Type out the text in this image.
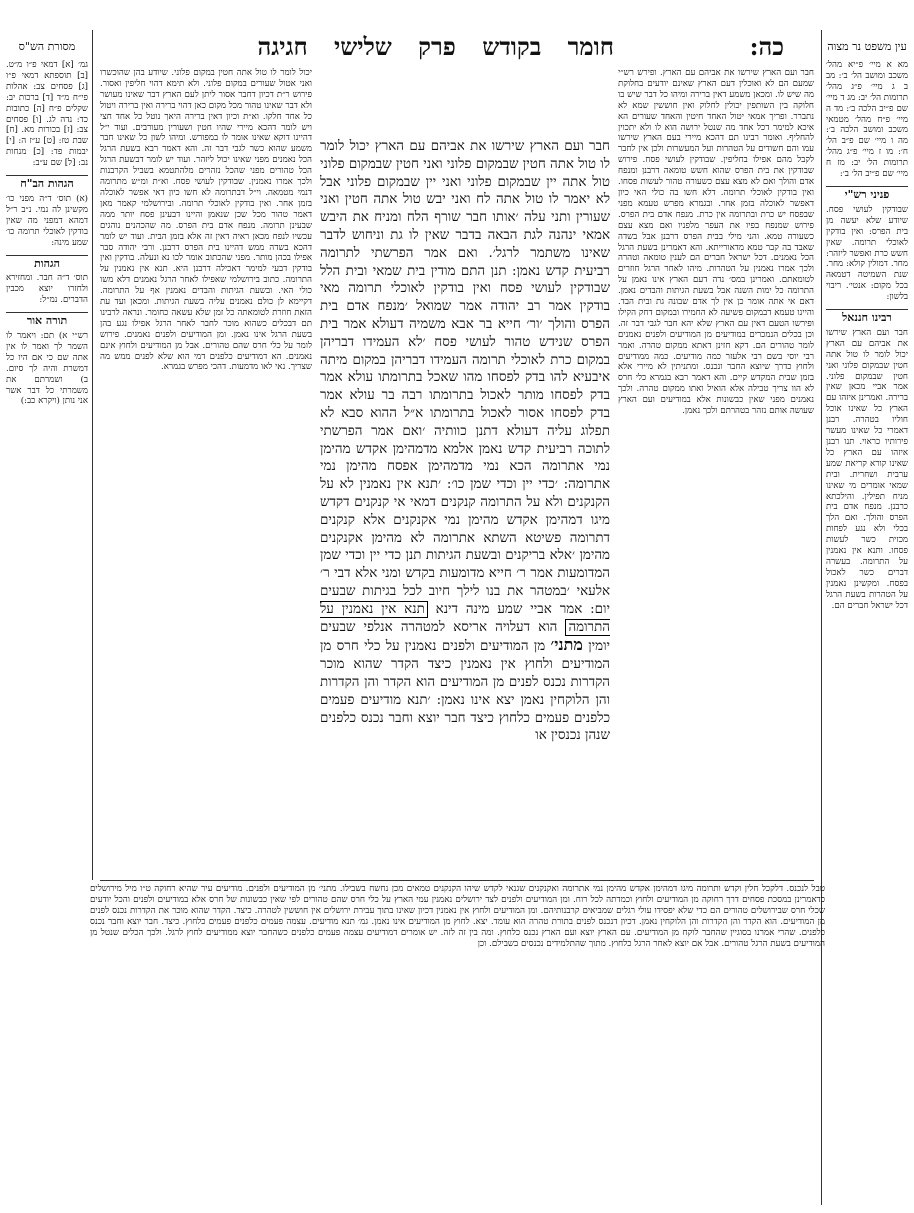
כה:
חומר בקודש פרק שלישי חגיגה	עין משפט נר מצוה
מסורת הש"ס
מא א מיי׳ פ״יא מהל׳ משכב ומושב הל׳ ב׳: מב ב ג מיי׳ פ״ג מהל׳ תרומות הל׳ יב: מג ד מיי׳ שם פ״יב הלכה ב׳: מד ה מיי׳ פ״ח מהל׳ מטמאי משכב ומושב הלכה ב׳: מה ו מיי׳ שם פ״ב הל׳ ח׳: מו ז מיי׳ פ״ג מהל׳ תרומות הל׳ יב: מז ח מיי׳ שם פ״יב הל׳ ב׳:
פניני רש"י
שבודקין לעושי פסח. שיודע שלא יעשה מן בית הפרס: ואין בודקין לאוכלי תרומה. שאין חשש כרת ואפשר ליזהר: מחר. דמולין קולא: מחר. שנת השמיטה דטמאה בכל מקום: אנטי׳. ריבוי בלשון:
רבינו חננאל
חבר ועם הארץ שירשו את אביהם עם הארץ יכול לומר לו טול אתה חטין שבמקום פלוני ואני חטין שבמקום פלוני. אמר אביי מכאן שאין ברירה. ואמרינן איזהו עם הארץ כל שאינו אוכל חוליו בטהרה. רבנן דאמרי כל שאינו מעשר פירותיו כראוי. תנו רבנן איזהו עם הארץ כל שאינו קורא קריאת שמע ערבית ושחרית. ובית שמאי אומרים מי שאינו מניח תפילין. והילכתא כרבנן. מנפח אדם בית הפרס והולך. ואם הלך בכלי ולא נגע לפחות מכזית כשר לעשות פסחו. ותנא אין נאמנין על התרומה. בעשרה דברים כשר לאכול בפסח. ומקשינן נאמנין על הטהרות בשעת הרגל דכל ישראל חברים הם.
גמ׳ [א] דמאי פ״ו מ״ט. [ב] תוספתא דמאי פ״ו [ג] פסחים צב: אהלות פי״ח מ״ד [ד] ברכות יב: שקלים פ״ח [ה] כתובות כד: נדה לג. [ו] פסחים צב: [ז] בכורות מא. [ח] שבת טז: [ט] ע״ז ה: [י] יבמות פד: [כ] מנחות נב: [ל] שם ע״ב:
הגהות הב"ח
(א) תוס׳ ד״ה מפני כו׳ מקשינן לה נמי. נ״ב ר״ל דמהא דמפני מה שאין בודקין לאוכלי תרומה כו׳ שמע מינה:
הגהות
תוס׳ ד״ה חבר. ומחזירא ולחזרו יוצא מכבין הדברים. נמ״ל:
תורה אור
רש״י א) תם: ויאמר לו השמר לך ואמר לו אין אתה שם כי אם היו כל דמשרת והיה לך סיום. ב) ושמרתם את משמרתי כל דבר אשר אני נותן (ויקרא כב:)
חבר ועם הארץ שירשו את אביהם עם הארץ. ופירש רש״י שמעם הם לא ואוכלין דעם הארץ שאינם יודעים בחלוקת מה שיש לו. ומכאן משמע דאין ברירה ומיהו כל דבר שיש בו חלוקה בין השותפין יכולין לחלוק ואין חוששין שמא לא נתברר. ופריך אמאי יטול האחד חיטין והאחד שעורים הא איכא למימר דכל אחד מה שנטל ירושה הוא לו ולא יתכוין להחליף. ואומר רבינו תם דהכא מיירי בעם הארץ שירשו עמו והם חשודים על הטהרות ועל המעשרות ולכן אין לחבר לקבל מהם אפילו בחליפין. שבודקין לעושי פסח. פירוש שבודקין את בית הפרס שהוא חשש טומאה דרבנן ומנפח אדם והולך ואם לא מצא עצם כשעורה טהור לעשות פסחו. ואין בודקין לאוכלי תרומה. דלא חשו בה כולי האי כיון דאפשר לאוכלה בזמן אחר. ובגמרא מפרש טעמא מפני שבפסח יש כרת ובתרומה אין כרת. מנפח אדם בית הפרס. פירוש שמנפח בפיו את העפר מלפניו ואם מצא עצם כשעורה טמא. והני מילי בבית הפרס דרבנן אבל בשדה שאבד בה קבר טמא מדאורייתא. והא דאמרינן בשעת הרגל הכל נאמנים. דכל ישראל חברים הם לענין טומאה וטהרה ולכך אמרו נאמנין על הטהרות. מיהו לאחר הרגל חוזרים לטומאתם. ואמרינן במס׳ נדה דעם הארץ אינו נאמן על התרומה כל ימות השנה אבל בשעת הגיתות והבדים נאמן. דאם אי אתה אומר כן אין לך אדם שבונה גת ובית הבד. והיינו טעמא דבמקום פשיעה לא החמירו ובמקום דחק הקילו ופירשו הטעם דאין עם הארץ שלא יהא חבר לגבי דבר זה. וכן בכלים הנמכרים במודיעים מן המודיעים ולפנים נאמנים לומר טהורים הם. דקא חזינן דאתא ממקום טהרה. ואמר רבי יוסי בשם רבי אלעזר כמה מודיעים. כמה ממודיעים ולחוץ כדרך שיוצא החבר ונכנס. ומתניתין לא מיירי אלא בזמן שבית המקדש קיים. והא דאמר רבא בגמרא כלי חרס לא הוו צריך טבילה אלא הואיל ואתו ממקום טהרה. ולכך נאמנים מפני שאין כבשונות אלא במודיעים ועם הארץ שעושה אותם נזהר בטהרתם ולכך נאמן.
יכול לומר לו טול אתה חטין במקום פלוני. שיודע בהן שהוכשרו ואני אטול שעורים במקום פלוני. ולא תימא דהוי חליפין ואסור. פירוש ר״ת דכיון דחבר אסור ליתן לעם הארץ דבר שאינו מעושר ולא דבר שאינו טהור מכל מקום כאן דהוי ברירה ואין ברירה ויטול כל אחד חלקו. וא״ת וכיון דאין ברירה היאך נוטל כל אחד חצי ויש לומר דהכא מיירי שהיו חטין ושעורין מעורבים. ועוד י״ל דהיינו דוקא שאינו אומר לו במפורש. ומיהו לשון כל שאינו חבר משמע שהוא כשר לגבי דבר זה. והא דאמר רבא בשעת הרגל הכל נאמנים מפני שאינו יכול ליזהר. ועוד יש לומר דבשעת הרגל הכל טהורים מפני שהכל נזהרים מלהתטמא בשביל הקרבנות ולכך אמרו נאמנין. שבודקין לעושי פסח. וא״ת ומ״ש מתרומה דנמי מטמאה. וי״ל דבתרומה לא חשו כיון דאי אפשר לאוכלה בזמן אחר. ואין בודקין לאוכלי תרומה. ובירושלמי קאמר מאן דאמר טהור מכל שכן שנאמן והיינו דבעינן פסח יותר ממה שבעינן תרומה. מנפח אדם בית הפרס. מה שהכהנים נוהגים עכשיו לנפח מכאן ראיה דאין זה אלא בזמן הבית. ועוד יש לומר דהכא בשדה ממש דהיינו בית הפרס דרבנן. ורבי יהודה סבר אפילו בכהן מותר. מפני שהכתוב אומר לכו נא ונעלה. בודקין ואין בודקין דבעי למימר דאכילה דרבנן היא. תנא אין נאמנין על התרומה. כתוב בירושלמי שאפילו לאחר הרגל נאמנים דלא משו כולי האי. ובשעת הגיתות והבדים נאמנין אף על התרומה. דקיימא לן כולם נאמנים עליה בשעת הגיתות. ומכאן ועד עת הזאת חוזרת לטומאתה כל זמן שלא עשאה כחומר. ונראה לרבינו תם דבכלים כשהוא מוכר לחבר לאחר הרגל אפילו נגע בהן בשעת הרגל אינו נאמן. ומן המודיעים ולפנים נאמנים. פירוש לומר על כלי חרס שהם טהורים. אבל מן המודיעים ולחוץ אינם נאמנים. הא דמודיעים כלפנים דמי הוא שלא לפנים ממש מה שצריך. נאי לאו מדמעות. דהכי מפרש בגמרא.
חבר ועם הארץ שירשו את אביהם עם הארץ יכול לומר לו טול אתה חטין שבמקום פלוני ואני חטין שבמקום פלוני טול אתה יין שבמקום פלוני ואני יין שבמקום פלוני אבל לא יאמר לו טול אתה לח ואני יבש טול אתה חטין ואני שעורין ותני עלה ׳אותו חבר שורף הלח ומניח את היבש אמאי ינהנה לגת הבאה בדבר שאין לו גת וניחוש לדבר שאינו משתמר לרגל׳. ואם אמר הפרשתי לתרומה רביעית קדש נאמן: תנן התם מודין בית שמאי ובית הלל שבודקין לעושי פסח ואין בודקין לאוכלי תרומה מאי בודקין אמר רב יהודה אמר שמואל ׳מנפח אדם בית הפרס והולך ׳ור׳ חייא בר אבא משמיה דעולא אמר בית הפרס שנידש טהור לעושי פסח ׳לא העמידו דבריהן במקום כרת לאוכלי תרומה העמידו דבריהן במקום מיתה איבעיא להו בדק לפסחו מהו שאכל בתרומתו עולא אמר בדק לפסחו מותר לאכול בתרומתו רבה בר עולא אמר בדק לפסחו אסור לאכול בתרומתו א״ל ההוא סבא לא תפלוג עליה דעולא דתנן כוותיה ׳ואם אמר הפרשתי לתוכה רביעית קדש נאמן אלמא מדמהימן אקדש מהימן נמי אתרומה הכא נמי מדמהימן אפסח מהימן נמי אתרומה: ׳כדי יין וכדי שמן כו׳: ׳תנא אין נאמנין לא על הקנקנים ולא על התרומה קנקנים דמאי אי קנקנים דקדש מיגו דמהימן אקדש מהימן נמי אקנקנים אלא קנקנים דתרומה פשיטא השתא אתרומה לא מהימן אקנקנים מהימן ׳אלא בריקנים ובשעת הגיתות תנן כדי יין וכדי שמן המדומעות אמר ר׳ חייא מדומעות בקדש ומני אלא דבי ר׳ אלעאי ׳במטהר את בנו לילך חיוב לכל בגיתות שבעים יום: אמר אביי שמע מינה דינא תנא אין נאמנין על התרומה הוא דעלויה אריסא למטהרה אנלפי שבעים יומין מתני׳ מן המודיעים ולפנים נאמנין על כלי חרס מן המודיעים ולחוץ אין נאמנין כיצד הקדר שהוא מוכר הקדרות נכנס לפנים מן המודיעים הוא הקדר והן הקדרות והן הלוקחין נאמן יצא אינו נאמן: ׳תנא מודיעים פעמים כלפנים פעמים כלחוץ כיצד חבר יוצא וחבר נכנס כלפנים שנהן נכנסין או
טבל לנכנס. דלקכל חלין וקדש ותרומה מיגו דמהימן אקדש מהימן נמי אתרומה ואקנקנים שגנאי לקדש שיהו הקנקנים טמאים מכן נחשח בשבילו. מתני׳ מן המודיעים ולפנים. מודיעים עיר שהיא רחוקה ט״ו מיל מירושלים כדאמרינן במסכת פסחים דרך רחוקה מן המודיעים ולחוץ וכמדתה לכל רוח. ומן המודיעים ולפנים לצד ירושלים נאמנין עמי הארץ על כלי חרס שהם טהורים לפי שאין כבשונות של חרס אלא במודיעים ולפנים והכל יודעים שכלי חרס שבירושלים טהורים הם כדי שלא יפסידו עולי רגלים שמביאים קרבנותיהם. ומן המודיעים ולחוץ אין נאמנין דכיון שאינו בתוך עבירת ירושלים אין חוששין לטהרה. כיצד. הקדר שהוא מוכר את הקדרות נכנס לפנים מן המודיעים. הוא הקדר והן הקדרות והן הלוקחין נאמן. דכיון דנכנס לפנים בתורת טהרה הוא עומד. יצא. לחוץ מן המודיעים אינו נאמן. גמ׳ תנא מודיעים. עצמה פעמים כלפנים פעמים כלחוץ. כיצד. חבר יוצא וחבר נכנס כלפנים. שהרי אמרנו בסוגיין שהחבר לוקח מן המודיעים. עם הארץ יוצא ועם הארץ נכנס כלחוץ. ומה בין זה לזה. יש אומרים דמודיעים עצמה פעמים כלפנים כשהחבר יוצא ממודיעים לחוץ לרגל. ולכך הכלים שנטל מן המודיעים בשעת הרגל טהורים. אבל אם יוצא לאחר הרגל כלחוץ. מתוך שהתלמידים נכנסים בשבילם. וכן
